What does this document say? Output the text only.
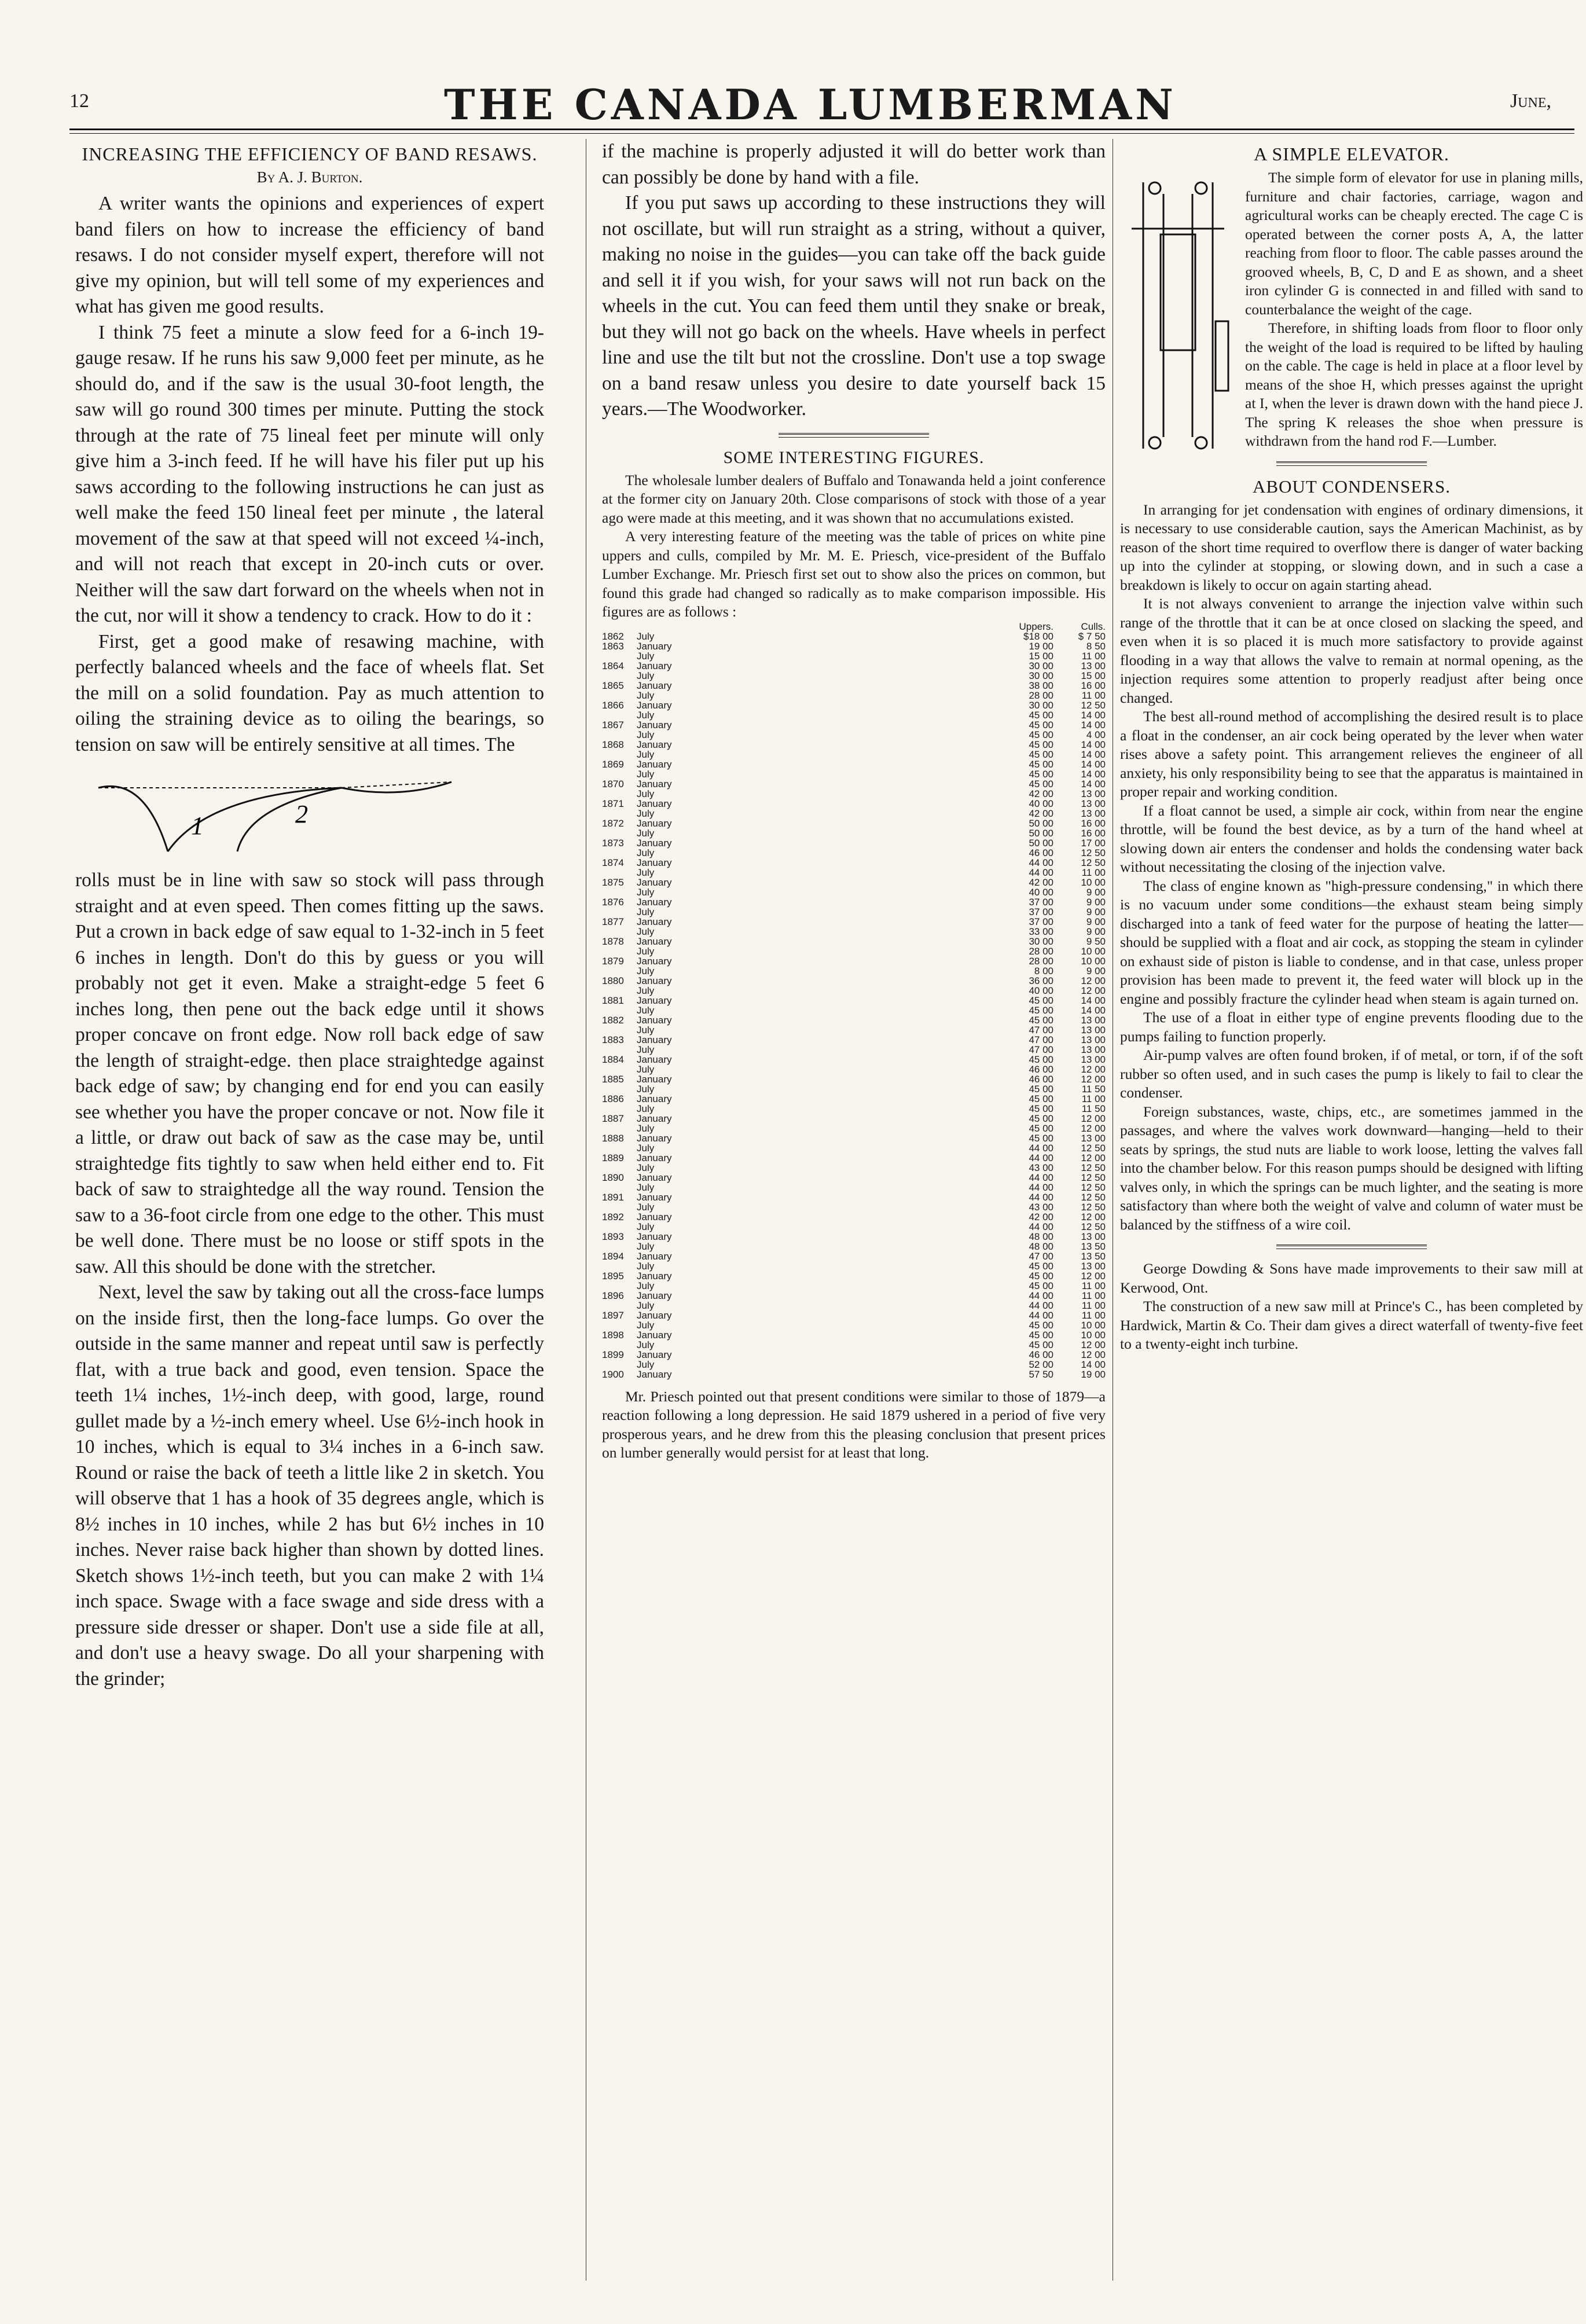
12	THE CANADA LUMBERMAN	June,
INCREASING THE EFFICIENCY OF BAND RESAWS.
By A. J. Burton.

A writer wants the opinions and experiences of expert band filers on how to increase the efficiency of band resaws. I do not consider myself expert, therefore will not give my opinion, but will tell some of my experiences and what has given me good results.

I think 75 feet a minute a slow feed for a 6-inch 19-gauge resaw. If he runs his saw 9,000 feet per minute, as he should do, and if the saw is the usual 30-foot length, the saw will go round 300 times per minute. Putting the stock through at the rate of 75 lineal feet per minute will only give him a 3-inch feed. If he will have his filer put up his saws according to the following instructions he can just as well make the feed 150 lineal feet per minute , the lateral movement of the saw at that speed will not exceed ¼-inch, and will not reach that except in 20-inch cuts or over. Neither will the saw dart forward on the wheels when not in the cut, nor will it show a tendency to crack. How to do it :

First, get a good make of resawing machine, with perfectly balanced wheels and the face of wheels flat. Set the mill on a solid foundation. Pay as much attention to oiling the straining device as to oiling the bearings, so tension on saw will be entirely sensitive at all times. The

1	2

rolls must be in line with saw so stock will pass through straight and at even speed. Then comes fitting up the saws. Put a crown in back edge of saw equal to 1-32-inch in 5 feet 6 inches in length. Don't do this by guess or you will probably not get it even. Make a straight-edge 5 feet 6 inches long, then pene out the back edge until it shows proper concave on front edge. Now roll back edge of saw the length of straight-edge. then place straightedge against back edge of saw; by changing end for end you can easily see whether you have the proper concave or not. Now file it a little, or draw out back of saw as the case may be, until straightedge fits tightly to saw when held either end to. Fit back of saw to straightedge all the way round. Tension the saw to a 36-foot circle from one edge to the other. This must be well done. There must be no loose or stiff spots in the saw. All this should be done with the stretcher.

Next, level the saw by taking out all the cross-face lumps on the inside first, then the long-face lumps. Go over the outside in the same manner and repeat until saw is perfectly flat, with a true back and good, even tension. Space the teeth 1¼ inches, 1½-inch deep, with good, large, round gullet made by a ½-inch emery wheel. Use 6½-inch hook in 10 inches, which is equal to 3¼ inches in a 6-inch saw. Round or raise the back of teeth a little like 2 in sketch. You will observe that 1 has a hook of 35 degrees angle, which is 8½ inches in 10 inches, while 2 has but 6½ inches in 10 inches. Never raise back higher than shown by dotted lines. Sketch shows 1½-inch teeth, but you can make 2 with 1¼ inch space. Swage with a face swage and side dress with a pressure side dresser or shaper. Don't use a side file at all, and don't use a heavy swage. Do all your sharpening with the grinder;

if the machine is properly adjusted it will do better work than can possibly be done by hand with a file.

If you put saws up according to these instructions they will not oscillate, but will run straight as a string, without a quiver, making no noise in the guides—you can take off the back guide and sell it if you wish, for your saws will not run back on the wheels in the cut. You can feed them until they snake or break, but they will not go back on the wheels. Have wheels in perfect line and use the tilt but not the crossline. Don't use a top swage on a band resaw unless you desire to date yourself back 15 years.—The Woodworker.

SOME INTERESTING FIGURES.

The wholesale lumber dealers of Buffalo and Tonawanda held a joint conference at the former city on January 20th. Close comparisons of stock with those of a year ago were made at this meeting, and it was shown that no accumulations existed.

A very interesting feature of the meeting was the table of prices on white pine uppers and culls, compiled by Mr. M. E. Priesch, vice-president of the Buffalo Lumber Exchange. Mr. Priesch first set out to show also the prices on common, but found this grade had changed so radically as to make comparison impossible. His figures are as follows :

		Uppers.	Culls.
1862	July	$18 00	$ 7 50
1863	January	19 00	8 50
	July	15 00	11 00
1864	January	30 00	13 00
	July	30 00	15 00
1865	January	38 00	16 00
	July	28 00	11 00
1866	January	30 00	12 50
	July	45 00	14 00
1867	January	45 00	14 00
	July	45 00	4 00
1868	January	45 00	14 00
	July	45 00	14 00
1869	January	45 00	14 00
	July	45 00	14 00
1870	January	45 00	14 00
	July	42 00	13 00
1871	January	40 00	13 00
	July	42 00	13 00
1872	January	50 00	16 00
	July	50 00	16 00
1873	January	50 00	17 00
	July	46 00	12 50
1874	January	44 00	12 50
	July	44 00	11 00
1875	January	42 00	10 00
	July	40 00	9 00
1876	January	37 00	9 00
	July	37 00	9 00
1877	January	37 00	9 00
	July	33 00	9 00
1878	January	30 00	9 50
	July	28 00	10 00
1879	January	28 00	10 00
	July	8 00	9 00
1880	January	36 00	12 00
	July	40 00	12 00
1881	January	45 00	14 00
	July	45 00	14 00
1882	January	45 00	13 00
	July	47 00	13 00
1883	January	47 00	13 00
	July	47 00	13 00
1884	January	45 00	13 00
	July	46 00	12 00
1885	January	46 00	12 00
	July	45 00	11 50
1886	January	45 00	11 00
	July	45 00	11 50
1887	January	45 00	12 00
	July	45 00	12 00
1888	January	45 00	13 00
	July	44 00	12 50
1889	January	44 00	12 00
	July	43 00	12 50
1890	January	44 00	12 50
	July	44 00	12 50
1891	January	44 00	12 50
	July	43 00	12 50
1892	January	42 00	12 00
	July	44 00	12 50
1893	January	48 00	13 00
	July	48 00	13 50
1894	January	47 00	13 50
	July	45 00	13 00
1895	January	45 00	12 00
	July	45 00	11 00
1896	January	44 00	11 00
	July	44 00	11 00
1897	January	44 00	11 00
	July	45 00	10 00
1898	January	45 00	10 00
	July	45 00	12 00
1899	January	46 00	12 00
	July	52 00	14 00
1900	January	57 50	19 00

Mr. Priesch pointed out that present conditions were similar to those of 1879—a reaction following a long depression. He said 1879 ushered in a period of five very prosperous years, and he drew from this the pleasing conclusion that present prices on lumber generally would persist for at least that long.

A SIMPLE ELEVATOR.

The simple form of elevator for use in planing mills, furniture and chair factories, carriage, wagon and agricultural works can be cheaply erected. The cage C is operated between the corner posts A, A, the latter reaching from floor to floor. The cable passes around the grooved wheels, B, C, D and E as shown, and a sheet iron cylinder G is connected in and filled with sand to counterbalance the weight of the cage.

Therefore, in shifting loads from floor to floor only the weight of the load is required to be lifted by hauling on the cable. The cage is held in place at a floor level by means of the shoe H, which presses against the upright at I, when the lever is drawn down with the hand piece J. The spring K releases the shoe when pressure is withdrawn from the hand rod F.—Lumber.

ABOUT CONDENSERS.

In arranging for jet condensation with engines of ordinary dimensions, it is necessary to use considerable caution, says the American Machinist, as by reason of the short time required to overflow there is danger of water backing up into the cylinder at stopping, or slowing down, and in such a case a breakdown is likely to occur on again starting ahead.

It is not always convenient to arrange the injection valve within such range of the throttle that it can be at once closed on slacking the speed, and even when it is so placed it is much more satisfactory to provide against flooding in a way that allows the valve to remain at normal opening, as the injection requires some attention to properly readjust after being once changed.

The best all-round method of accomplishing the desired result is to place a float in the condenser, an air cock being operated by the lever when water rises above a safety point. This arrangement relieves the engineer of all anxiety, his only responsibility being to see that the apparatus is maintained in proper repair and working condition.

If a float cannot be used, a simple air cock, within from near the engine throttle, will be found the best device, as by a turn of the hand wheel at slowing down air enters the condenser and holds the condensing water back without necessitating the closing of the injection valve.

The class of engine known as "high-pressure condensing," in which there is no vacuum under some conditions—the exhaust steam being simply discharged into a tank of feed water for the purpose of heating the latter—should be supplied with a float and air cock, as stopping the steam in cylinder on exhaust side of piston is liable to condense, and in that case, unless proper provision has been made to prevent it, the feed water will block up in the engine and possibly fracture the cylinder head when steam is again turned on.

The use of a float in either type of engine prevents flooding due to the pumps failing to function properly.

Air-pump valves are often found broken, if of metal, or torn, if of the soft rubber so often used, and in such cases the pump is likely to fail to clear the condenser.

Foreign substances, waste, chips, etc., are sometimes jammed in the passages, and where the valves work downward—hanging—held to their seats by springs, the stud nuts are liable to work loose, letting the valves fall into the chamber below. For this reason pumps should be designed with lifting valves only, in which the springs can be much lighter, and the seating is more satisfactory than where both the weight of valve and column of water must be balanced by the stiffness of a wire coil.

George Dowding & Sons have made improvements to their saw mill at Kerwood, Ont.

The construction of a new saw mill at Prince's C., has been completed by Hardwick, Martin & Co. Their dam gives a direct waterfall of twenty-five feet to a twenty-eight inch turbine.
